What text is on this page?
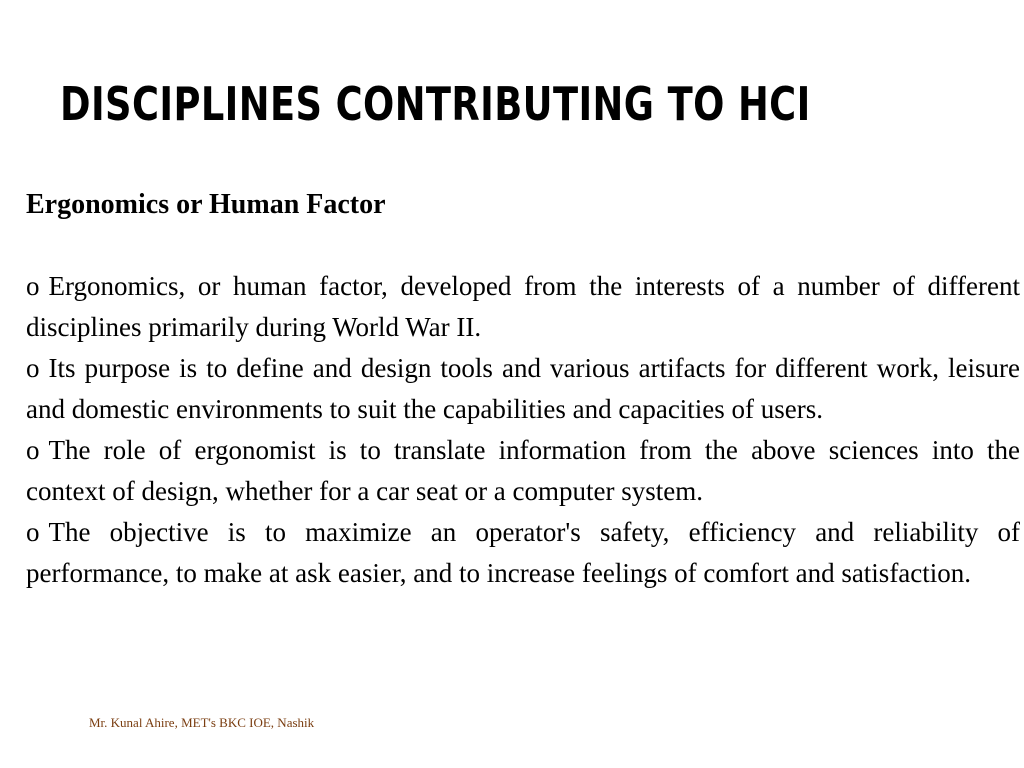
DISCIPLINES CONTRIBUTING TO HCI
Ergonomics or Human Factor
o Ergonomics, or human factor, developed from the interests of a number of different disciplines primarily during World War II.
o Its purpose is to define and design tools and various artifacts for different work, leisure and domestic environments to suit the capabilities and capacities of users.
o The role of ergonomist is to translate information from the above sciences into the context of design, whether for a car seat or a computer system.
o The objective is to maximize an operator's safety, efficiency and reliability of performance, to make at ask easier, and to increase feelings of comfort and satisfaction.

Mr. Kunal Ahire, MET's BKC IOE, Nashik
